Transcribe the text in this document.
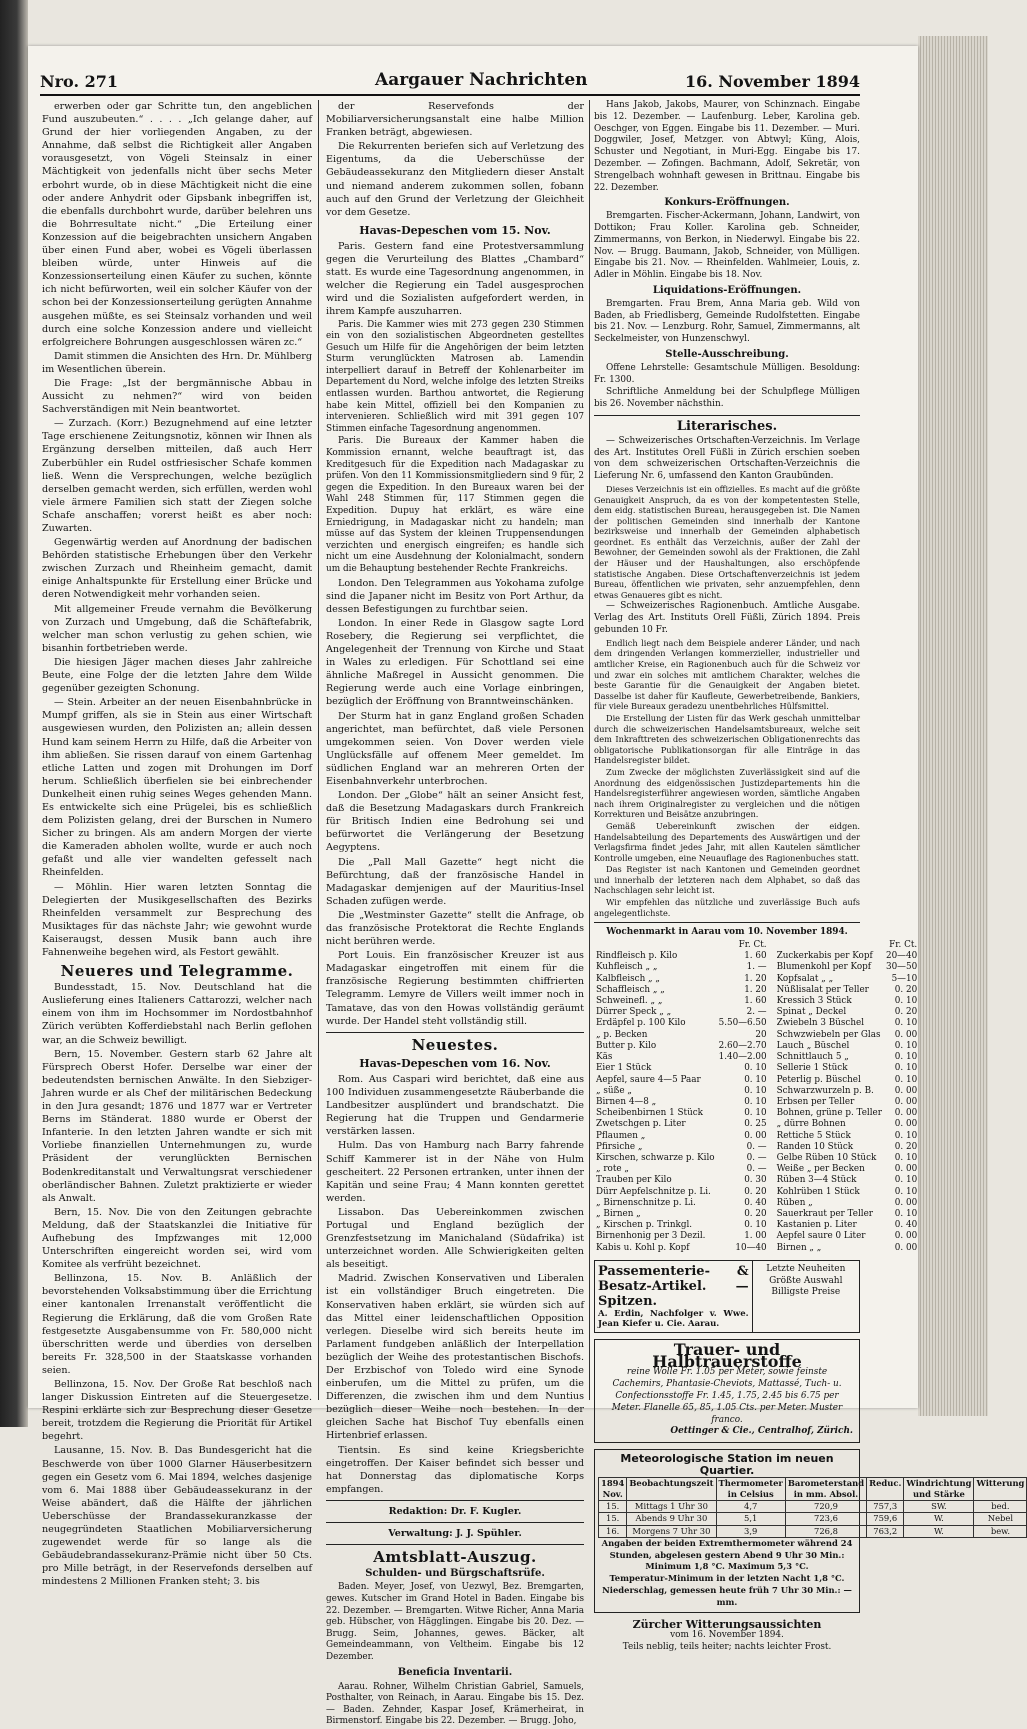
Nro. 271	Aargauer Nachrichten	16. November 1894

erwerben oder gar Schritte tun, den angeblichen Fund auszubeuten.“ . . . . „Ich gelange daher, auf Grund der hier vorliegenden Angaben, zu der Annahme, daß selbst die Richtigkeit aller Angaben vorausgesetzt, von Vögeli Steinsalz in einer Mächtigkeit von jedenfalls nicht über sechs Meter erbohrt wurde, ob in diese Mächtigkeit nicht die eine oder andere Anhydrit oder Gipsbank inbegriffen ist, die ebenfalls durchbohrt wurde, darüber belehren uns die Bohrresultate nicht.“ „Die Erteilung einer Konzession auf die beigebrachten unsichern Angaben über einen Fund aber, wobei es Vögeli überlassen bleiben würde, unter Hinweis auf die Konzessionserteilung einen Käufer zu suchen, könnte ich nicht befürworten, weil ein solcher Käufer von der schon bei der Konzessionserteilung gerügten Annahme ausgehen müßte, es sei Steinsalz vorhanden und weil durch eine solche Konzession andere und vielleicht erfolgreichere Bohrungen ausgeschlossen wären zc.“

Damit stimmen die Ansichten des Hrn. Dr. Mühlberg im Wesentlichen überein.

Die Frage: „Ist der bergmännische Abbau in Aussicht zu nehmen?“ wird von beiden Sachverständigen mit Nein beantwortet.

— Zurzach. (Korr.) Bezugnehmend auf eine letzter Tage erschienene Zeitungsnotiz, können wir Ihnen als Ergänzung derselben mitteilen, daß auch Herr Zuberbühler ein Rudel ostfriesischer Schafe kommen ließ. Wenn die Versprechungen, welche bezüglich derselben gemacht werden, sich erfüllen, werden wohl viele ärmere Familien sich statt der Ziegen solche Schafe anschaffen; vorerst heißt es aber noch: Zuwarten.

Gegenwärtig werden auf Anordnung der badischen Behörden statistische Erhebungen über den Verkehr zwischen Zurzach und Rheinheim gemacht, damit einige Anhaltspunkte für Erstellung einer Brücke und deren Notwendigkeit mehr vorhanden seien.

Mit allgemeiner Freude vernahm die Bevölkerung von Zurzach und Umgebung, daß die Schäftefabrik, welcher man schon verlustig zu gehen schien, wie bisanhin fortbetrieben werde.

Die hiesigen Jäger machen dieses Jahr zahlreiche Beute, eine Folge der die letzten Jahre dem Wilde gegenüber gezeigten Schonung.

— Stein. Arbeiter an der neuen Eisenbahnbrücke in Mumpf griffen, als sie in Stein aus einer Wirtschaft ausgewiesen wurden, den Polizisten an; allein dessen Hund kam seinem Herrn zu Hilfe, daß die Arbeiter von ihm abließen. Sie rissen darauf von einem Gartenhag etliche Latten und zogen mit Drohungen im Dorf herum. Schließlich überfielen sie bei einbrechender Dunkelheit einen ruhig seines Weges gehenden Mann. Es entwickelte sich eine Prügelei, bis es schließlich dem Polizisten gelang, drei der Burschen in Numero Sicher zu bringen. Als am andern Morgen der vierte die Kameraden abholen wollte, wurde er auch noch gefaßt und alle vier wandelten gefesselt nach Rheinfelden.

— Möhlin. Hier waren letzten Sonntag die Delegierten der Musikgesellschaften des Bezirks Rheinfelden versammelt zur Besprechung des Musiktages für das nächste Jahr; wie gewohnt wurde Kaiseraugst, dessen Musik bann auch ihre Fahnenweihe begehen wird, als Festort gewählt.

Neueres und Telegramme.

Bundesstadt, 15. Nov. Deutschland hat die Auslieferung eines Italieners Cattarozzi, welcher nach einem von ihm im Hochsommer im Nordostbahnhof Zürich verübten Kofferdiebstahl nach Berlin geflohen war, an die Schweiz bewilligt.

Bern, 15. November. Gestern starb 62 Jahre alt Fürsprech Oberst Hofer. Derselbe war einer der bedeutendsten bernischen Anwälte. In den Siebziger-Jahren wurde er als Chef der militärischen Bedeckung in den Jura gesandt; 1876 und 1877 war er Vertreter Berns im Ständerat. 1880 wurde er Oberst der Infanterie. In den letzten Jahren wandte er sich mit Vorliebe finanziellen Unternehmungen zu, wurde Präsident der verunglückten Bernischen Bodenkreditanstalt und Verwaltungsrat verschiedener oberländischer Bahnen. Zuletzt praktizierte er wieder als Anwalt.

Bern, 15. Nov. Die von den Zeitungen gebrachte Meldung, daß der Staatskanzlei die Initiative für Aufhebung des Impfzwanges mit 12,000 Unterschriften eingereicht worden sei, wird vom Komitee als verfrüht bezeichnet.

Bellinzona, 15. Nov. B. Anläßlich der bevorstehenden Volksabstimmung über die Errichtung einer kantonalen Irrenanstalt veröffentlicht die Regierung die Erklärung, daß die vom Großen Rate festgesetzte Ausgabensumme von Fr. 580,000 nicht überschritten werde und überdies von derselben bereits Fr. 328,500 in der Staatskasse vorhanden seien.

Bellinzona, 15. Nov. Der Große Rat beschloß nach langer Diskussion Eintreten auf die Steuergesetze. Respini erklärte sich zur Besprechung dieser Gesetze bereit, trotzdem die Regierung die Priorität für Artikel begehrt.

Lausanne, 15. Nov. B. Das Bundesgericht hat die Beschwerde von über 1000 Glarner Häuserbesitzern gegen ein Gesetz vom 6. Mai 1894, welches dasjenige vom 6. Mai 1888 über Gebäudeassekuranz in der Weise abändert, daß die Hälfte der jährlichen Ueberschüsse der Brandassekuranzkasse der neugegründeten Staatlichen Mobiliarversicherung zugewendet werde für so lange als die Gebäudebrandassekuranz-Prämie nicht über 50 Cts. pro Mille beträgt, in der Reservefonds derselben auf mindestens 2 Millionen Franken steht; 3. bis

der Reservefonds der Mobiliarversicherungsanstalt eine halbe Million Franken beträgt, abgewiesen.

Die Rekurrenten beriefen sich auf Verletzung des Eigentums, da die Ueberschüsse der Gebäudeassekuranz den Mitgliedern dieser Anstalt und niemand anderem zukommen sollen, fobann auch auf den Grund der Verletzung der Gleichheit vor dem Gesetze.

Havas-Depeschen vom 15. Nov.

Paris. Gestern fand eine Protestversammlung gegen die Verurteilung des Blattes „Chambard“ statt. Es wurde eine Tagesordnung angenommen, in welcher die Regierung ein Tadel ausgesprochen wird und die Sozialisten aufgefordert werden, in ihrem Kampfe auszuharren.

Paris. Die Kammer wies mit 273 gegen 230 Stimmen ein von den sozialistischen Abgeordneten gestelltes Gesuch um Hilfe für die Angehörigen der beim letzten Sturm verunglückten Matrosen ab. Lamendin interpelliert darauf in Betreff der Kohlenarbeiter im Departement du Nord, welche infolge des letzten Streiks entlassen wurden. Barthou antwortet, die Regierung habe kein Mittel, offiziell bei den Kompanien zu intervenieren. Schließlich wird mit 391 gegen 107 Stimmen einfache Tagesordnung angenommen.

Paris. Die Bureaux der Kammer haben die Kommission ernannt, welche beauftragt ist, das Kreditgesuch für die Expedition nach Madagaskar zu prüfen. Von den 11 Kommissionsmitgliedern sind 9 für, 2 gegen die Expedition. In den Bureaux waren bei der Wahl 248 Stimmen für, 117 Stimmen gegen die Expedition. Dupuy hat erklärt, es wäre eine Erniedrigung, in Madagaskar nicht zu handeln; man müsse auf das System der kleinen Truppensendungen verzichten und energisch eingreifen; es handle sich nicht um eine Ausdehnung der Kolonialmacht, sondern um die Behauptung bestehender Rechte Frankreichs.

London. Den Telegrammen aus Yokohama zufolge sind die Japaner nicht im Besitz von Port Arthur, da dessen Befestigungen zu furchtbar seien.

London. In einer Rede in Glasgow sagte Lord Rosebery, die Regierung sei verpflichtet, die Angelegenheit der Trennung von Kirche und Staat in Wales zu erledigen. Für Schottland sei eine ähnliche Maßregel in Aussicht genommen. Die Regierung werde auch eine Vorlage einbringen, bezüglich der Eröffnung von Branntweinschänken.

Der Sturm hat in ganz England großen Schaden angerichtet, man befürchtet, daß viele Personen umgekommen seien. Von Dover werden viele Unglücksfälle auf offenem Meer gemeldet. Im südlichen England war an mehreren Orten der Eisenbahnverkehr unterbrochen.

London. Der „Globe“ hält an seiner Ansicht fest, daß die Besetzung Madagaskars durch Frankreich für Britisch Indien eine Bedrohung sei und befürwortet die Verlängerung der Besetzung Aegyptens.

Die „Pall Mall Gazette“ hegt nicht die Befürchtung, daß der französische Handel in Madagaskar demjenigen auf der Mauritius-Insel Schaden zufügen werde.

Die „Westminster Gazette“ stellt die Anfrage, ob das französische Protektorat die Rechte Englands nicht berühren werde.

Port Louis. Ein französischer Kreuzer ist aus Madagaskar eingetroffen mit einem für die französische Regierung bestimmten chiffrierten Telegramm. Lemyre de Villers weilt immer noch in Tamatave, das von den Howas vollständig geräumt wurde. Der Handel steht vollständig still.

Neuestes.
Havas-Depeschen vom 16. Nov.

Rom. Aus Caspari wird berichtet, daß eine aus 100 Individuen zusammengesetzte Räuberbande die Landbesitzer ausplündert und brandschatzt. Die Regierung hat die Truppen und Gendarmerie verstärken lassen.

Hulm. Das von Hamburg nach Barry fahrende Schiff Kammerer ist in der Nähe von Hulm gescheitert. 22 Personen ertranken, unter ihnen der Kapitän und seine Frau; 4 Mann konnten gerettet werden.

Lissabon. Das Uebereinkommen zwischen Portugal und England bezüglich der Grenzfestsetzung im Manichaland (Südafrika) ist unterzeichnet worden. Alle Schwierigkeiten gelten als beseitigt.

Madrid. Zwischen Konservativen und Liberalen ist ein vollständiger Bruch eingetreten. Die Konservativen haben erklärt, sie würden sich auf das Mittel einer leidenschaftlichen Opposition verlegen. Dieselbe wird sich bereits heute im Parlament fundgeben anläßlich der Interpellation bezüglich der Weihe des protestantischen Bischofs. Der Erzbischof von Toledo wird eine Synode einberufen, um die Mittel zu prüfen, um die Differenzen, die zwischen ihm und dem Nuntius bezüglich dieser Weihe noch bestehen. In der gleichen Sache hat Bischof Tuy ebenfalls einen Hirtenbrief erlassen.

Tientsin. Es sind keine Kriegsberichte eingetroffen. Der Kaiser befindet sich besser und hat Donnerstag das diplomatische Korps empfangen.

Redaktion: Dr. F. Kugler.

Verwaltung: J. J. Spühler.

Amtsblatt-Auszug.
Schulden- und Bürgschaftsrüfe.

Baden. Meyer, Josef, von Uezwyl, Bez. Bremgarten, gewes. Kutscher im Grand Hotel in Baden. Eingabe bis 22. Dezember. — Bremgarten. Witwe Richer, Anna Maria geb. Hübscher, von Hägglingen. Eingabe bis 20. Dez. — Brugg. Seim, Johannes, gewes. Bäcker, alt Gemeindeammann, von Veltheim. Eingabe bis 12 Dezember.

Beneficia Inventarii.

Aarau. Rohner, Wilhelm Christian Gabriel, Samuels, Posthalter, von Reinach, in Aarau. Eingabe bis 15. Dez. — Baden. Zehnder, Kaspar Josef, Krämerheirat, in Birmenstorf. Eingabe bis 22. Dezember. — Brugg. Joho,

Hans Jakob, Jakobs, Maurer, von Schinznach. Eingabe bis 12. Dezember. — Laufenburg. Leber, Karolina geb. Oeschger, von Eggen. Eingabe bis 11. Dezember. — Muri. Doggwiler, Josef, Metzger. von Abtwyl; Küng, Alois, Schuster und Negotiant, in Muri-Egg. Eingabe bis 17. Dezember. — Zofingen. Bachmann, Adolf, Sekretär, von Strengelbach wohnhaft gewesen in Brittnau. Eingabe bis 22. Dezember.

Konkurs-Eröffnungen.

Bremgarten. Fischer-Ackermann, Johann, Landwirt, von Dottikon; Frau Koller. Karolina geb. Schneider, Zimmermanns, von Berkon, in Niederwyl. Eingabe bis 22. Nov. — Brugg. Baumann, Jakob, Schneider, von Mülligen. Eingabe bis 21. Nov. — Rheinfelden. Wahlmeier, Louis, z. Adler in Möhlin. Eingabe bis 18. Nov.

Liquidations-Eröffnungen.

Bremgarten. Frau Brem, Anna Maria geb. Wild von Baden, ab Friedlisberg, Gemeinde Rudolfstetten. Eingabe bis 21. Nov. — Lenzburg. Rohr, Samuel, Zimmermanns, alt Seckelmeister, von Hunzenschwyl.

Stelle-Ausschreibung.

Offene Lehrstelle: Gesamtschule Mülligen. Besoldung: Fr. 1300.

Schriftliche Anmeldung bei der Schulpflege Mülligen bis 26. November nächsthin.

Literarisches.

— Schweizerisches Ortschaften-Verzeichnis. Im Verlage des Art. Institutes Orell Füßli in Zürich erschien soeben von dem schweizerischen Ortschaften-Verzeichnis die Lieferung Nr. 6, umfassend den Kanton Graubünden.

Dieses Verzeichnis ist ein offizielles. Es macht auf die größte Genauigkeit Anspruch, da es von der kompetentesten Stelle, dem eidg. statistischen Bureau, herausgegeben ist. Die Namen der politischen Gemeinden sind innerhalb der Kantone bezirksweise und innerhalb der Gemeinden alphabetisch geordnet. Es enthält das Verzeichnis, außer der Zahl der Bewohner, der Gemeinden sowohl als der Fraktionen, die Zahl der Häuser und der Haushaltungen, also erschöpfende statistische Angaben. Diese Ortschaftenverzeichnis ist jedem Bureau, öffentlichen wie privaten, sehr anzuempfehlen, denn etwas Genaueres gibt es nicht.

— Schweizerisches Ragionenbuch. Amtliche Ausgabe. Verlag des Art. Instituts Orell Füßli, Zürich 1894. Preis gebunden 10 Fr.

Endlich liegt nach dem Beispiele anderer Länder, und nach dem dringenden Verlangen kommerzieller, industrieller und amtlicher Kreise, ein Ragionenbuch auch für die Schweiz vor und zwar ein solches mit amtlichem Charakter, welches die beste Garantie für die Genauigkeit der Angaben bietet. Dasselbe ist daher für Kaufleute, Gewerbetreibende, Bankiers, für viele Bureaux geradezu unentbehrliches Hülfsmittel.

Die Erstellung der Listen für das Werk geschah unmittelbar durch die schweizerischen Handelsamtsbureaux, welche seit dem Inkrafttreten des schweizerischen Obligationenrechts das obligatorische Publikationsorgan für alle Einträge in das Handelsregister bildet.

Zum Zwecke der möglichsten Zuverlässigkeit sind auf die Anordnung des eidgenössischen Justizdepartements hin die Handelsregisterführer angewiesen worden, sämtliche Angaben nach ihrem Originalregister zu vergleichen und die nötigen Korrekturen und Beisätze anzubringen.

Gemäß Uebereinkunft zwischen der eidgen. Handelsabteilung des Departements des Auswärtigen und der Verlagsfirma findet jedes Jahr, mit allen Kautelen sämtlicher Kontrolle umgeben, eine Neuauflage des Ragionenbuches statt.

Das Register ist nach Kantonen und Gemeinden geordnet und innerhalb der letzteren nach dem Alphabet, so daß das Nachschlagen sehr leicht ist.

Wir empfehlen das nützliche und zuverlässige Buch aufs angelegentlichste.

Wochenmarkt in Aarau vom 10. November 1894.

	Fr. Ct.
Rindfleisch p. Kilo	1. 60
Kuhfleisch „ „	1. —
Kalbfleisch „ „	1. 20
Schaffleisch „ „	1. 20
Schweinefl. „ „	1. 60
Dürrer Speck „ „	2. —
Erdäpfel p. 100 Kilo	5.50—6.50
„ p. Becken	20
Butter p. Kilo	2.60—2.70
Käs	1.40—2.00
Eier 1 Stück	0. 10
Aepfel, saure 4—5 Paar	0. 10
„ süße „	0. 10
Birnen 4—8 „	0. 10
Scheibenbirnen 1 Stück	0. 10
Zwetschgen p. Liter	0. 25
Pflaumen „	0. 00
Pfirsiche „	0. —
Kirschen, schwarze p. Kilo	0. —
„ rote „	0. —
Trauben per Kilo	0. 30
Dürr Aepfelschnitze p. Li.	0. 20
„ Birnenschnitze p. Li.	0. 40
„ Birnen „	0. 20
„ Kirschen p. Trinkgl.	0. 10
Birnenhonig per 3 Dezil.	1. 00
Kabis u. Kohl p. Kopf	10—40
	Fr. Ct.
Zuckerkabis per Kopf	20—40
Blumenkohl per Kopf	30—50
Kopfsalat „ „	5—10
Nüßlisalat per Teller	0. 20
Kressich 3 Stück	0. 10
Spinat „ Deckel	0. 20
Zwiebeln 3 Büschel	0. 10
Schwzwiebeln per Glas	0. 00
Lauch „ Büschel	0. 10
Schnittlauch 5 „	0. 10
Sellerie 1 Stück	0. 10
Peterlig p. Büschel	0. 10
Schwarzwurzeln p. B.	0. 00
Erbsen per Teller	0. 00
Bohnen, grüne p. Teller	0. 00
„ dürre Bohnen	0. 00
Rettiche 5 Stück	0. 10
Randen 10 Stück	0. 20
Gelbe Rüben 10 Stück	0. 10
Weiße „ per Becken	0. 00
Rüben 3—4 Stück	0. 10
Kohlrüben 1 Stück	0. 10
Rüben „	0. 00
Sauerkraut per Teller	0. 10
Kastanien p. Liter	0. 40
Aepfel saure 0 Liter	0. 00
Birnen „ „	0. 00
Passementerie- & Besatz-Artikel. — Spitzen.
A. Erdin, Nachfolger v. Wwe. Jean Kiefer u. Cie. Aarau.
Letzte Neuheiten
Größte Auswahl
Billigste Preise
Trauer- und Halbtrauerstoffe
reine Wolle Fr. 1.05 per Meter, sowie feinste Cachemirs, Phantasie-Cheviots, Mattassé, Tuch- u. Confectionsstoffe Fr. 1.45, 1.75, 2.45 bis 6.75 per Meter. Flanelle 65, 85, 1.05 Cts. per Meter. Muster franco.
Oettinger & Cie., Centralhof, Zürich.
Meteorologische Station im neuen Quartier.
1894 Nov.	Beobachtungszeit	Thermometer in Celsius	Barometerstand in mm. Absol.	Reduc.	Windrichtung und Stärke	Witterung
15.	Mittags 1 Uhr 30	4,7	720,9	757,3	SW.	bed.
15.	Abends 9 Uhr 30	5,1	723,6	759,6	W.	Nebel
16.	Morgens 7 Uhr 30	3,9	726,8	763,2	W.	bew.
Angaben der beiden Extremthermometer während 24 Stunden, abgelesen gestern Abend 9 Uhr 30 Min.:
Minimum 1,8 °C. Maximum 5,3 °C.
Temperatur-Minimum in der letzten Nacht 1,8 °C.
Niederschlag, gemessen heute früh 7 Uhr 30 Min.: — mm.
Zürcher Witterungsaussichten
vom 16. November 1894.
Teils neblig, teils heiter; nachts leichter Frost.
